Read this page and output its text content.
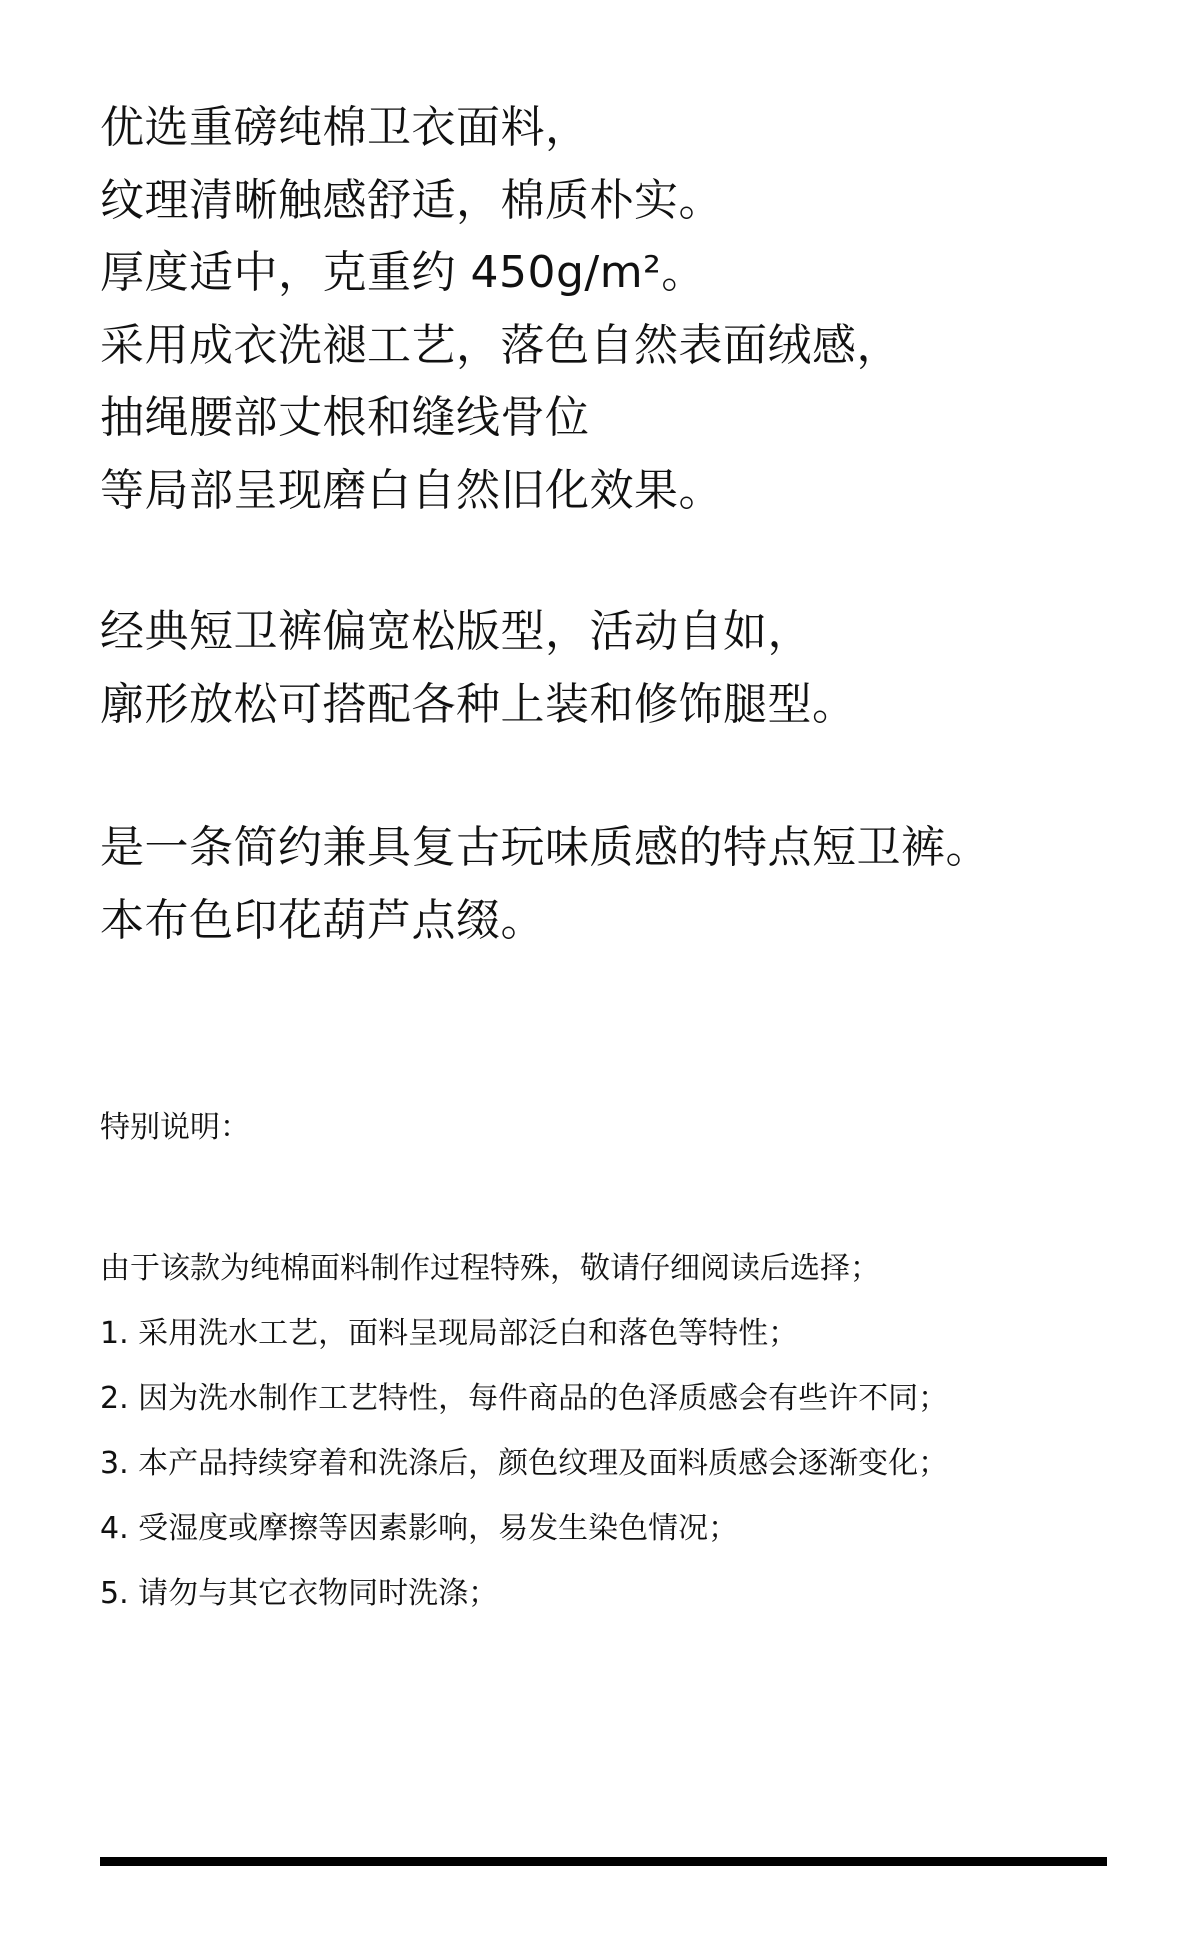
优选重磅纯棉卫衣面料，
纹理清晰触感舒适，棉质朴实。
厚度适中，克重约 450g/m²。
采用成衣洗褪工艺，落色自然表面绒感，
抽绳腰部丈根和缝线骨位
等局部呈现磨白自然旧化效果。
经典短卫裤偏宽松版型，活动自如，
廓形放松可搭配各种上装和修饰腿型。
是一条简约兼具复古玩味质感的特点短卫裤。
本布色印花葫芦点缀。
特别说明：
由于该款为纯棉面料制作过程特殊，敬请仔细阅读后选择；
1. 采用洗水工艺，面料呈现局部泛白和落色等特性；
2. 因为洗水制作工艺特性，每件商品的色泽质感会有些许不同；
3. 本产品持续穿着和洗涤后，颜色纹理及面料质感会逐渐变化；
4. 受湿度或摩擦等因素影响，易发生染色情况；
5. 请勿与其它衣物同时洗涤；
